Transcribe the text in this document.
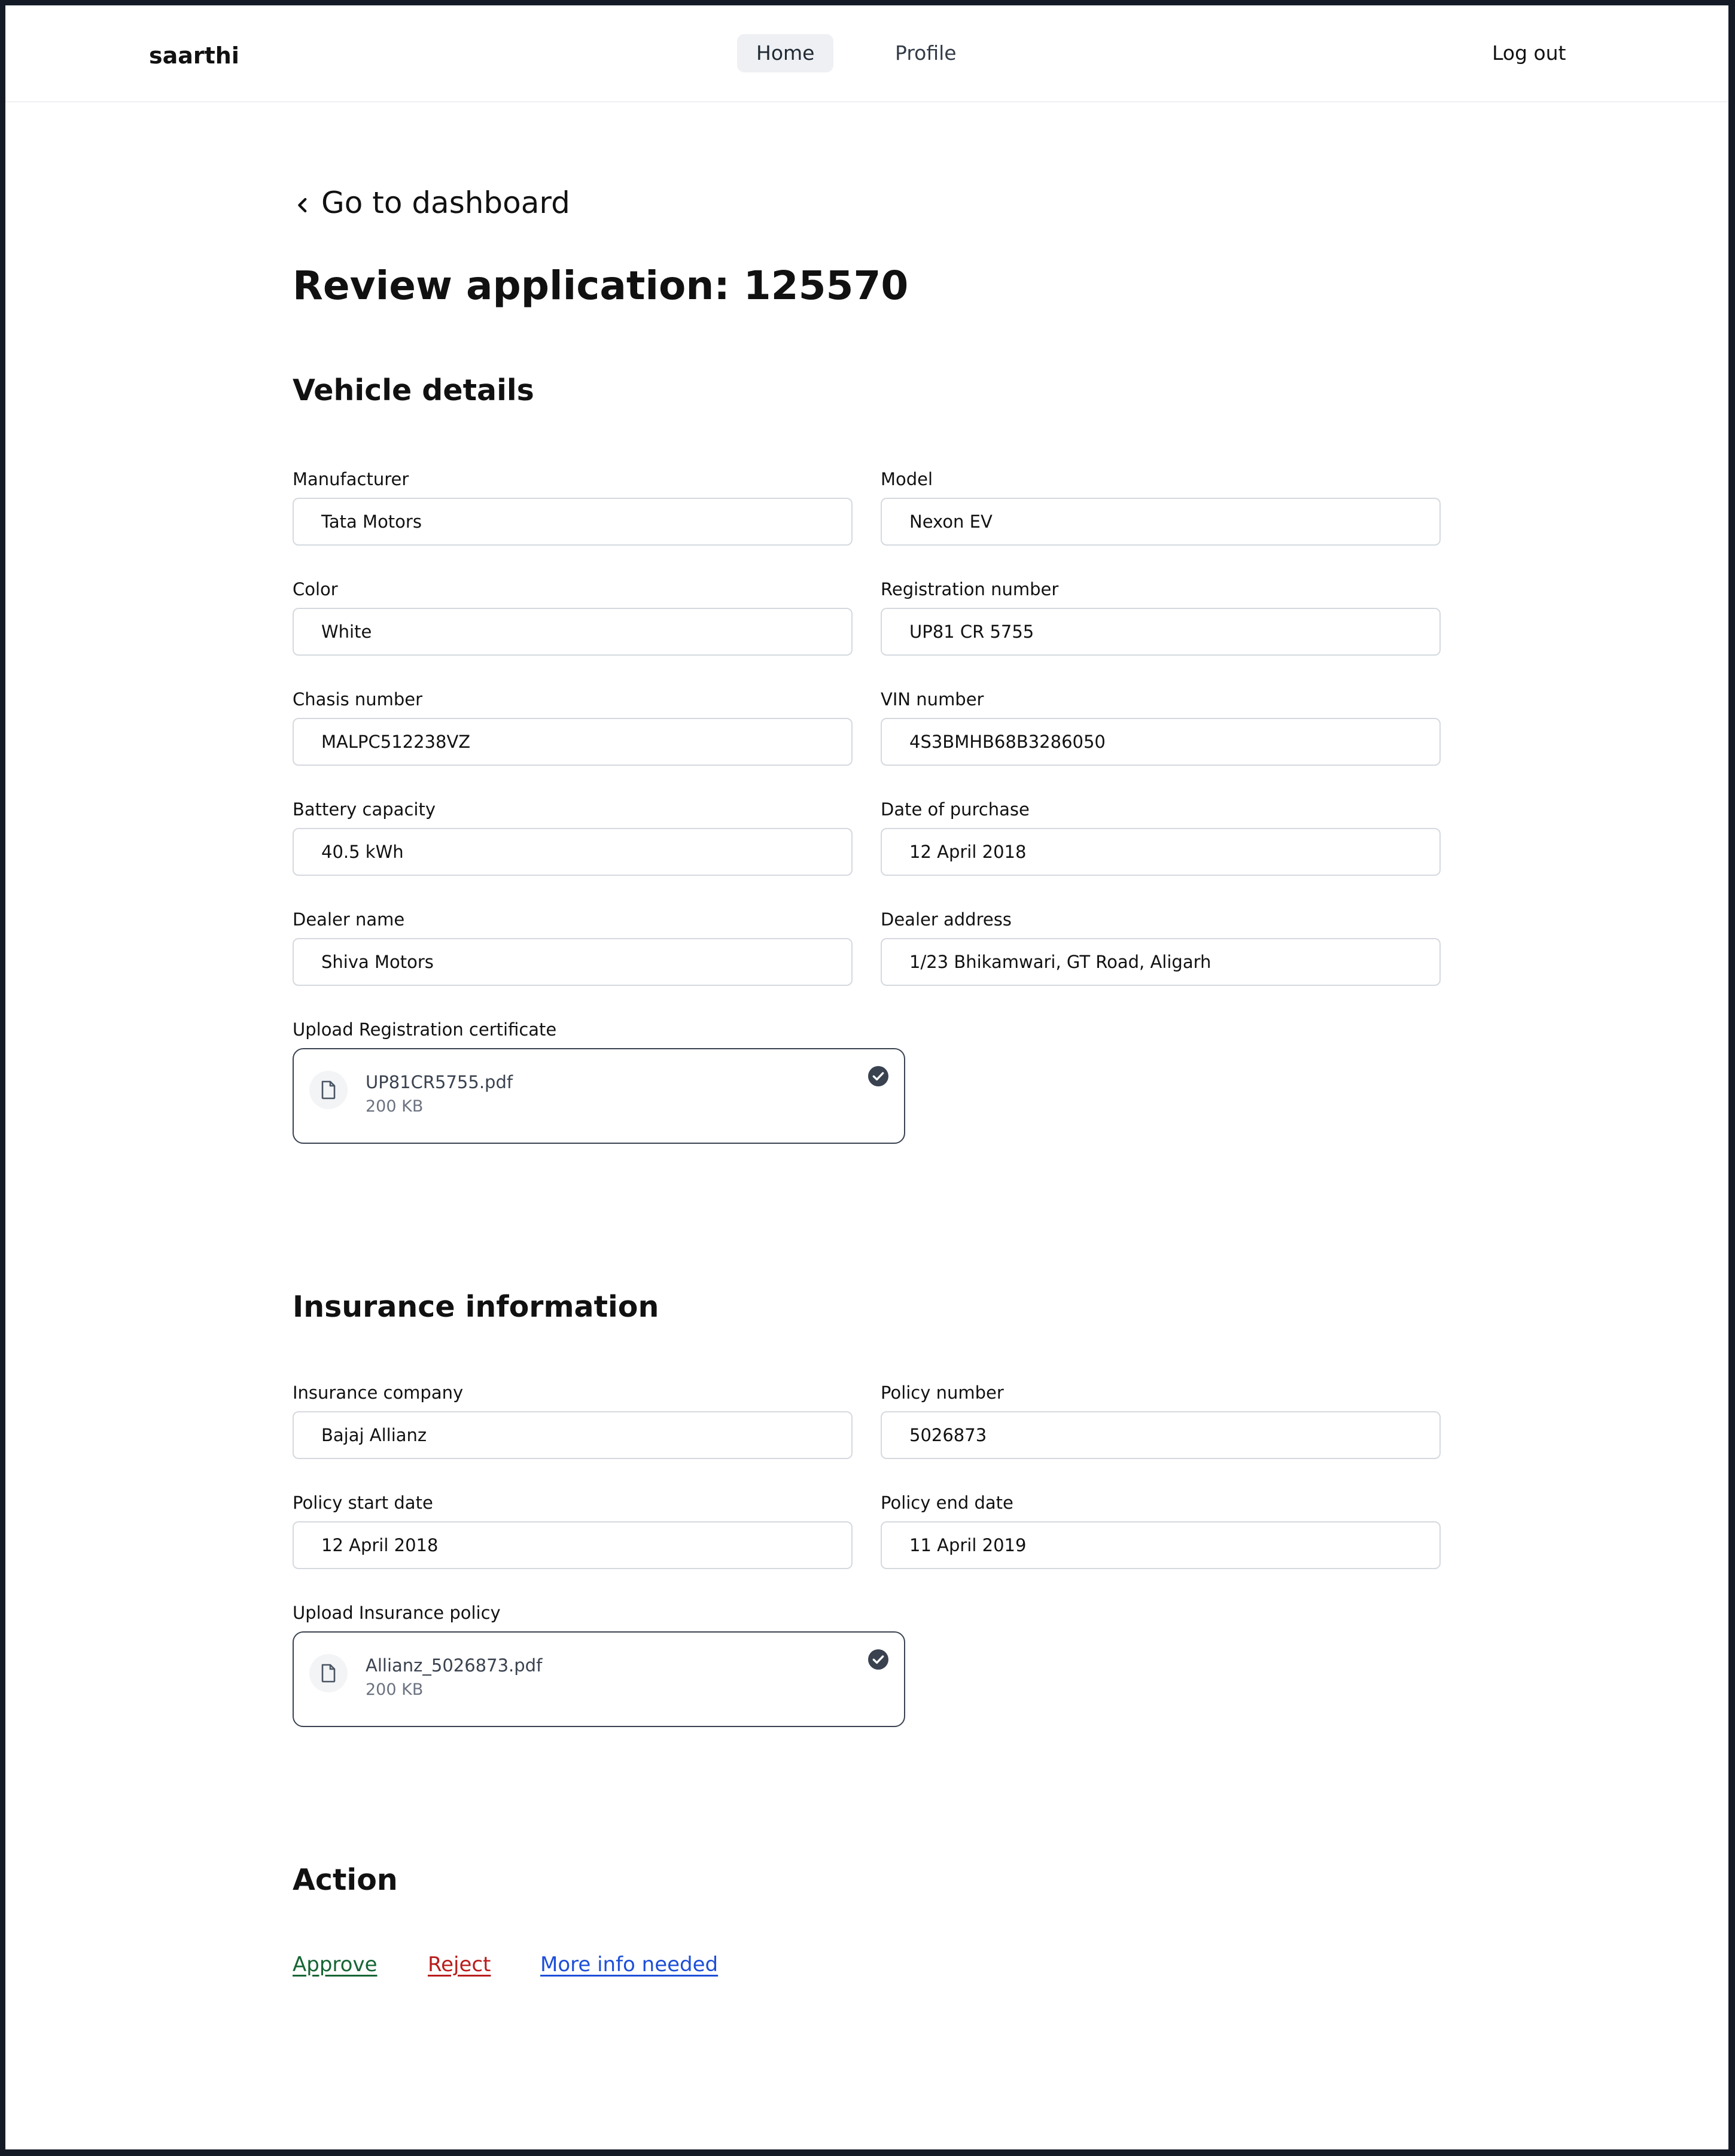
saarthi	Home	Profile	Log out
Go to dashboard
Review application: 125570
Vehicle details
Manufacturer
Tata Motors
Model
Nexon EV
Color
White
Registration number
UP81 CR 5755
Chasis number
MALPC512238VZ
VIN number
4S3BMHB68B3286050
Battery capacity
40.5 kWh
Date of purchase
12 April 2018
Dealer name
Shiva Motors
Dealer address
1/23 Bhikamwari, GT Road, Aligarh
Upload Registration certificate
UP81CR5755.pdf
200 KB
Insurance information
Insurance company
Bajaj Allianz
Policy number
5026873
Policy start date
12 April 2018
Policy end date
11 April 2019
Upload Insurance policy
Allianz_5026873.pdf
200 KB
Action
Approve Reject More info needed
